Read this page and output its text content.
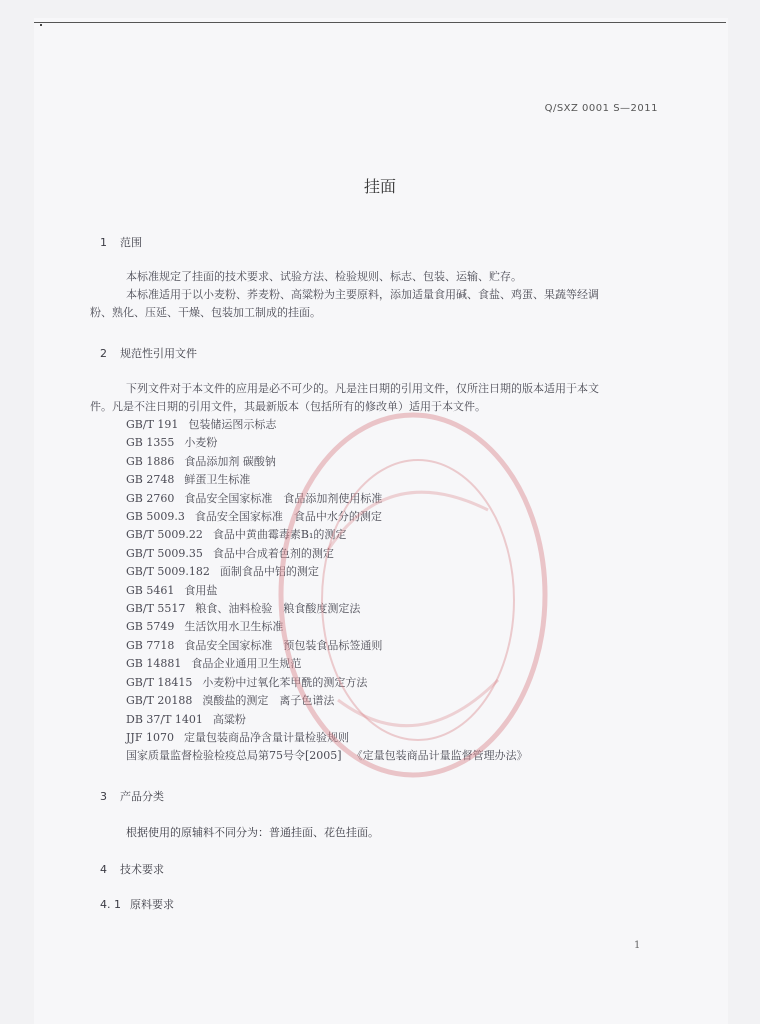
Q/SXZ 0001 S—2011
挂面
1 范围
本标准规定了挂面的技术要求、试验方法、检验规则、标志、包装、运输、贮存。
本标准适用于以小麦粉、荞麦粉、高粱粉为主要原料，添加适量食用碱、食盐、鸡蛋、果蔬等经调
粉、熟化、压延、干燥、包装加工制成的挂面。
2 规范性引用文件
下列文件对于本文件的应用是必不可少的。凡是注日期的引用文件，仅所注日期的版本适用于本文
件。凡是不注日期的引用文件，其最新版本（包括所有的修改单）适用于本文件。
GB/T 191 包装储运图示标志
GB 1355 小麦粉
GB 1886 食品添加剂 碳酸钠
GB 2748 鲜蛋卫生标准
GB 2760 食品安全国家标准　食品添加剂使用标准
GB 5009.3 食品安全国家标准　食品中水分的测定
GB/T 5009.22 食品中黄曲霉毒素B₁的测定
GB/T 5009.35 食品中合成着色剂的测定
GB/T 5009.182 面制食品中铝的测定
GB 5461 食用盐
GB/T 5517 粮食、油料检验　粮食酸度测定法
GB 5749 生活饮用水卫生标准
GB 7718 食品安全国家标准　预包装食品标签通则
GB 14881 食品企业通用卫生规范
GB/T 18415 小麦粉中过氧化苯甲酰的测定方法
GB/T 20188 溴酸盐的测定　离子色谱法
DB 37/T 1401 高粱粉
JJF 1070 定量包装商品净含量计量检验规则
国家质量监督检验检疫总局第75号令[2005] 《定量包装商品计量监督管理办法》
3 产品分类
根据使用的原辅料不同分为：普通挂面、花色挂面。
4 技术要求
4. 1 原料要求
1
